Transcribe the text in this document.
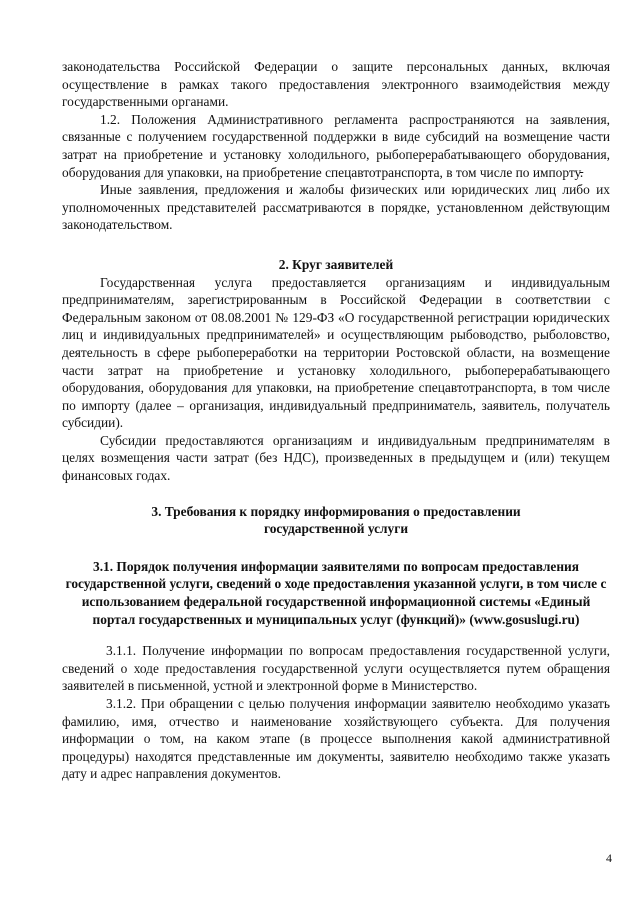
законодательства Российской Федерации о защите персональных данных, включая осуществление в рамках такого предоставления электронного взаимодействия между государственными органами.

1.2. Положения Административного регламента распространяются на заявления, связанные с получением государственной поддержки в виде субсидий на возмещение части затрат на приобретение и установку холодильного, рыбоперерабатывающего оборудования, оборудования для упаковки, на приобретение спецавтотранспорта, в том числе по импорту.

Иные заявления, предложения и жалобы физических или юридических лиц либо их уполномоченных представителей рассматриваются в порядке, установленном действующим законодательством.

2. Круг заявителей

Государственная услуга предоставляется организациям и индивидуальным предпринимателям, зарегистрированным в Российской Федерации в соответствии с Федеральным законом от 08.08.2001 № 129-ФЗ «О государственной регистрации юридических лиц и индивидуальных предпринимателей» и осуществляющим рыбоводство, рыболовство, деятельность в сфере рыбопереработки на территории Ростовской области, на возмещение части затрат на приобретение и установку холодильного, рыбоперерабатывающего оборудования, оборудования для упаковки, на приобретение спецавтотранспорта, в том числе по импорту (далее – организация, индивидуальный предприниматель, заявитель, получатель субсидии).

Субсидии предоставляются организациям и индивидуальным предпринимателям в целях возмещения части затрат (без НДС), произведенных в предыдущем и (или) текущем финансовых годах.

3. Требования к порядку информирования о предоставлении
государственной услуги
3.1. Порядок получения информации заявителями по вопросам предоставления государственной услуги, сведений о ходе предоставления указанной услуги, в том числе с использованием федеральной государственной информационной системы «Единый портал государственных и муниципальных услуг (функций)» (www.gosuslugi.ru)

3.1.1. Получение информации по вопросам предоставления государственной услуги, сведений о ходе предоставления государственной услуги осуществляется путем обращения заявителей в письменной, устной и электронной форме в Министерство.

3.1.2. При обращении с целью получения информации заявителю необходимо указать фамилию, имя, отчество и наименование хозяйствующего субъекта. Для получения информации о том, на каком этапе (в процессе выполнения какой административной процедуры) находятся представленные им документы, заявителю необходимо также указать дату и адрес направления документов.

4
